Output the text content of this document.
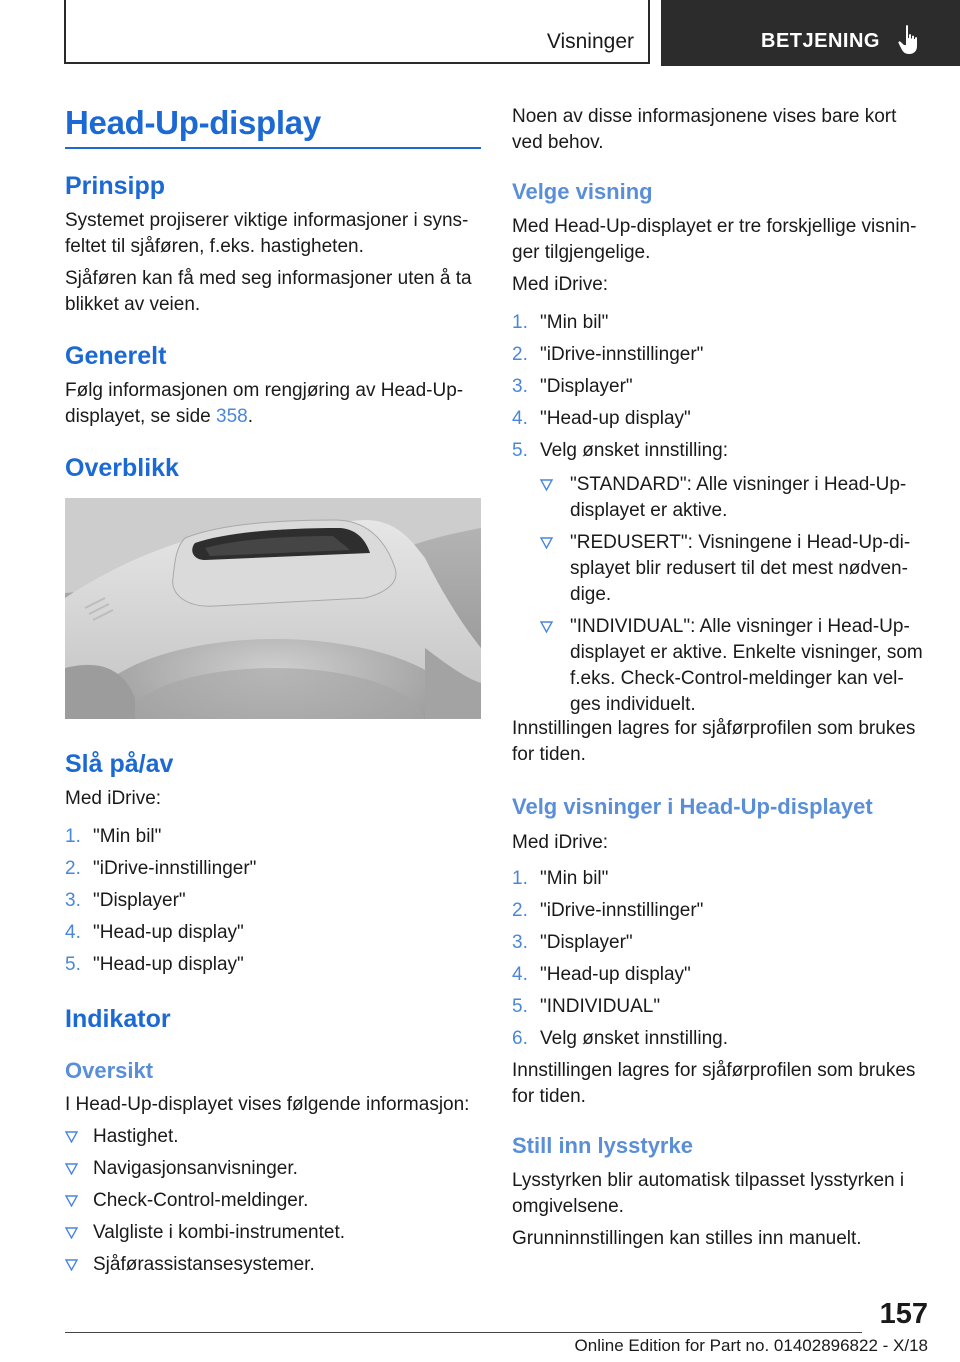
Visninger	BETJENING
Head-Up-display
Prinsipp
Systemet projiserer viktige informasjoner i syns-feltet til sjåføren, f.eks. hastigheten.
Sjåføren kan få med seg informasjoner uten å ta blikket av veien.
Generelt
Følg informasjonen om rengjøring av Head-Up-displayet, se side 358.
Overblikk
Slå på/av
Med iDrive:
1. "Min bil"
2. "iDrive-innstillinger"
3. "Displayer"
4. "Head-up display"
5. "Head-up display"
Indikator
Oversikt
I Head-Up-displayet vises følgende informasjon:
Hastighet.
Navigasjonsanvisninger.
Check-Control-meldinger.
Valgliste i kombi-instrumentet.
Sjåførassistansesystemer.
Noen av disse informasjonene vises bare kort ved behov.
Velge visning
Med Head-Up-displayet er tre forskjellige visnin-ger tilgjengelige.
Med iDrive:
1. "Min bil"
2. "iDrive-innstillinger"
3. "Displayer"
4. "Head-up display"
5. Velg ønsket innstilling:
"STANDARD": Alle visninger i Head-Up-displayet er aktive.
"REDUSERT": Visningene i Head-Up-di-splayet blir redusert til det mest nødven-dige.
"INDIVIDUAL": Alle visninger i Head-Up-displayet er aktive. Enkelte visninger, som f.eks. Check-Control-meldinger kan vel-ges individuelt.
Innstillingen lagres for sjåførprofilen som brukes for tiden.
Velg visninger i Head-Up-displayet
Med iDrive:
1. "Min bil"
2. "iDrive-innstillinger"
3. "Displayer"
4. "Head-up display"
5. "INDIVIDUAL"
6. Velg ønsket innstilling.
Innstillingen lagres for sjåførprofilen som brukes for tiden.
Still inn lysstyrke
Lysstyrken blir automatisk tilpasset lysstyrken i omgivelsene.
Grunninnstillingen kan stilles inn manuelt.
157
Online Edition for Part no. 01402896822 - X/18
